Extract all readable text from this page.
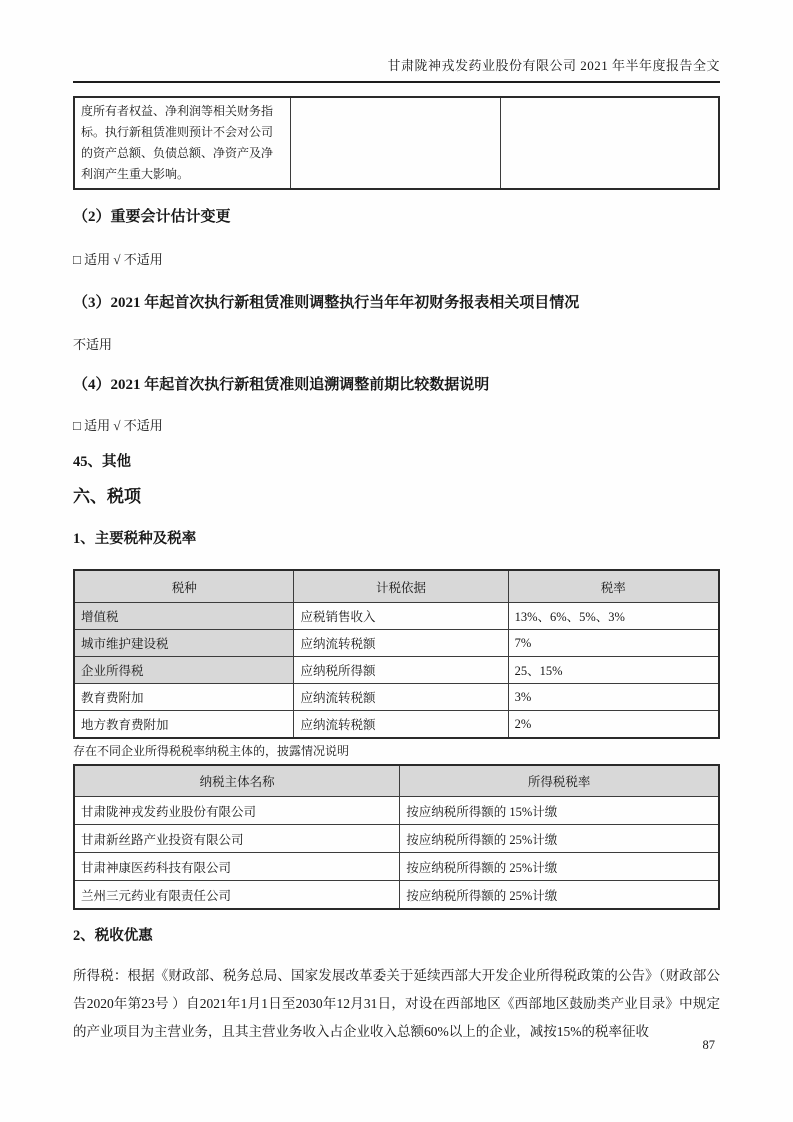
甘肃陇神戎发药业股份有限公司 2021 年半年度报告全文
度所有者权益、净利润等相关财务指标。执行新租赁准则预计不会对公司的资产总额、负债总额、净资产及净利润产生重大影响。		
（2）重要会计估计变更
□ 适用 √ 不适用
（3）2021 年起首次执行新租赁准则调整执行当年年初财务报表相关项目情况
不适用
（4）2021 年起首次执行新租赁准则追溯调整前期比较数据说明
□ 适用 √ 不适用
45、其他
六、税项
1、主要税种及税率
税种	计税依据	税率
增值税	应税销售收入	13%、6%、5%、3%
城市维护建设税	应纳流转税额	7%
企业所得税	应纳税所得额	25、15%
教育费附加	应纳流转税额	3%
地方教育费附加	应纳流转税额	2%
存在不同企业所得税税率纳税主体的，披露情况说明
纳税主体名称	所得税税率
甘肃陇神戎发药业股份有限公司	按应纳税所得额的 15%计缴
甘肃新丝路产业投资有限公司	按应纳税所得额的 25%计缴
甘肃神康医药科技有限公司	按应纳税所得额的 25%计缴
兰州三元药业有限责任公司	按应纳税所得额的 25%计缴
2、税收优惠
所得税：根据《财政部、税务总局、国家发展改革委关于延续西部大开发企业所得税政策的公告》（财政部公告2020年第23号 ）自2021年1月1日至2030年12月31日，对设在西部地区《西部地区鼓励类产业目录》中规定的产业项目为主营业务，且其主营业务收入占企业收入总额60%以上的企业，减按15%的税率征收
87
